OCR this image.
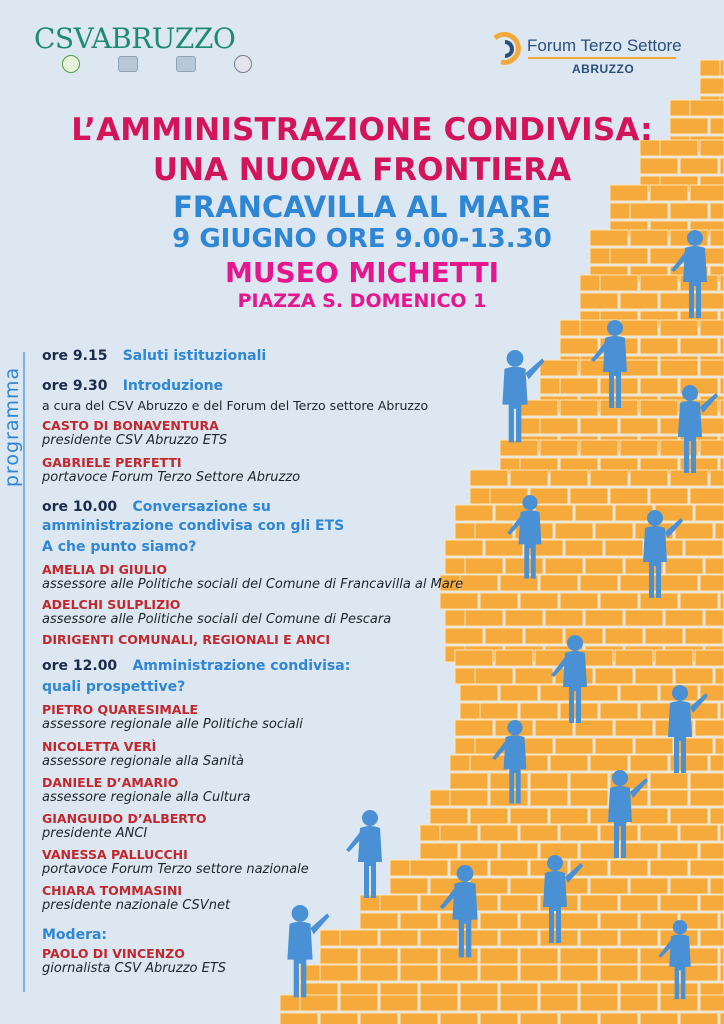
CSVABRUZZO	Forum Terzo Settore
ABRUZZO
L’AMMINISTRAZIONE CONDIVISA:
UNA NUOVA FRONTIERA
FRANCAVILLA AL MARE
9 GIUGNO ORE 9.00-13.30
MUSEO MICHETTI
PIAZZA S. DOMENICO 1
programma
ore 9.15 Saluti istituzionali
ore 9.30 Introduzione
a cura del CSV Abruzzo e del Forum del Terzo settore Abruzzo
CASTO DI BONAVENTURA
presidente CSV Abruzzo ETS
GABRIELE PERFETTI
portavoce Forum Terzo Settore Abruzzo
ore 10.00 Conversazione su
amministrazione condivisa con gli ETS
A che punto siamo?
AMELIA DI GIULIO
assessore alle Politiche sociali del Comune di Francavilla al Mare
ADELCHI SULPLIZIO
assessore alle Politiche sociali del Comune di Pescara
DIRIGENTI COMUNALI, REGIONALI E ANCI
ore 12.00 Amministrazione condivisa:
quali prospettive?
PIETRO QUARESIMALE
assessore regionale alle Politiche sociali
NICOLETTA VERÌ
assessore regionale alla Sanità
DANIELE D’AMARIO
assessore regionale alla Cultura
GIANGUIDO D’ALBERTO
presidente ANCI
VANESSA PALLUCCHI
portavoce Forum Terzo settore nazionale
CHIARA TOMMASINI
presidente nazionale CSVnet
Modera:
PAOLO DI VINCENZO
giornalista CSV Abruzzo ETS
